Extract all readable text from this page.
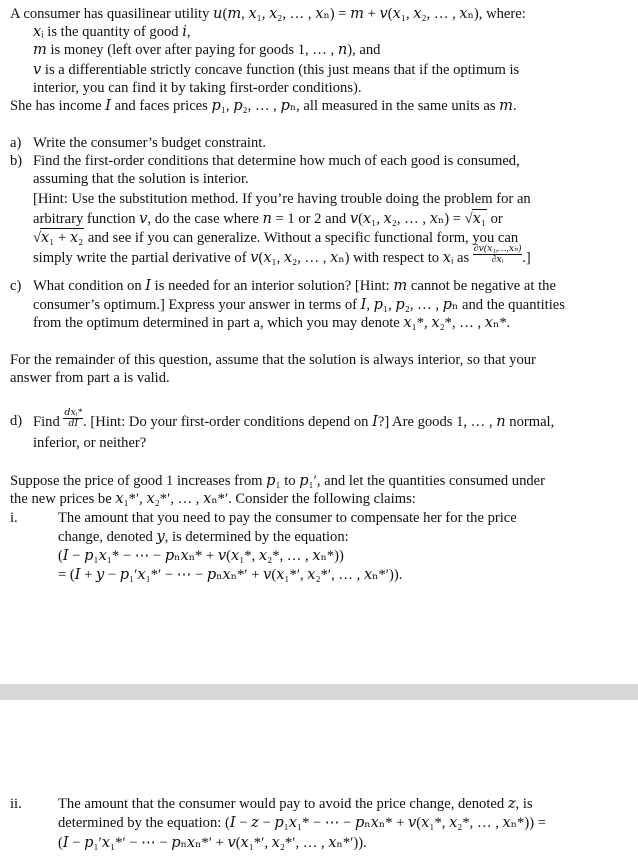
A consumer has quasilinear utility 𝑢(𝑚, 𝑥₁, 𝑥₂, … , 𝑥ₙ) = 𝑚 + 𝑣(𝑥₁, 𝑥₂, … , 𝑥ₙ), where:
𝑥ᵢ is the quantity of good 𝑖,
𝑚 is money (left over after paying for goods 1, … , 𝑛), and
𝑣 is a differentiable strictly concave function (this just means that if the optimum is
interior, you can find it by taking first-order conditions).
She has income 𝐼 and faces prices 𝑝₁, 𝑝₂, … , 𝑝ₙ, all measured in the same units as 𝑚.
a) Write the consumer’s budget constraint.
b) Find the first-order conditions that determine how much of each good is consumed,
assuming that the solution is interior.
[Hint: Use the substitution method. If you’re having trouble doing the problem for an
arbitrary function 𝑣, do the case where 𝑛 = 1 or 2 and 𝑣(𝑥₁, 𝑥₂, … , 𝑥ₙ) = √𝑥₁ or
√𝑥₁ + 𝑥₂ and see if you can generalize. Without a specific functional form, you can
simply write the partial derivative of 𝑣(𝑥₁, 𝑥₂, … , 𝑥ₙ) with respect to 𝑥ᵢ as $\frac{\text{∂𝑣(𝑥₁,…,𝑥ₙ)}}{\text{∂𝑥ᵢ}}$ .]
c) What condition on 𝐼 is needed for an interior solution? [Hint: 𝑚 cannot be negative at the
consumer’s optimum.] Express your answer in terms of 𝐼, 𝑝₁, 𝑝₂, … , 𝑝ₙ and the quantities
from the optimum determined in part a, which you may denote 𝑥₁*, 𝑥₂*, … , 𝑥ₙ*.
For the remainder of this question, assume that the solution is always interior, so that your
answer from part a is valid.
d) Find $\frac{\text{𝑑𝑥ᵢ*}}{\text{𝑑𝐼}}$ . [Hint: Do your first-order conditions depend on 𝐼?] Are goods 1, … , 𝑛 normal,
inferior, or neither?
Suppose the price of good 1 increases from 𝑝₁ to 𝑝₁′, and let the quantities consumed under
the new prices be 𝑥₁*′, 𝑥₂*′, … , 𝑥ₙ*′. Consider the following claims:
i.	The amount that you need to pay the consumer to compensate her for the price
change, denoted 𝑦, is determined by the equation:
(𝐼 − 𝑝₁𝑥₁* − ⋯ − 𝑝ₙ𝑥ₙ* + 𝑣(𝑥₁*, 𝑥₂*, … , 𝑥ₙ*))
= (𝐼 + 𝑦 − 𝑝₁′𝑥₁*′ − ⋯ − 𝑝ₙ𝑥ₙ*′ + 𝑣(𝑥₁*′, 𝑥₂*′, … , 𝑥ₙ*′)).
ii. The amount that the consumer would pay to avoid the price change, denoted 𝑧, is
determined by the equation: (𝐼 − 𝑧 − 𝑝₁𝑥₁* − ⋯ − 𝑝ₙ𝑥ₙ* + 𝑣(𝑥₁*, 𝑥₂*, … , 𝑥ₙ*)) =
(𝐼 − 𝑝₁′𝑥₁*′ − ⋯ − 𝑝ₙ𝑥ₙ*′ + 𝑣(𝑥₁*′, 𝑥₂*′, … , 𝑥ₙ*′)).
